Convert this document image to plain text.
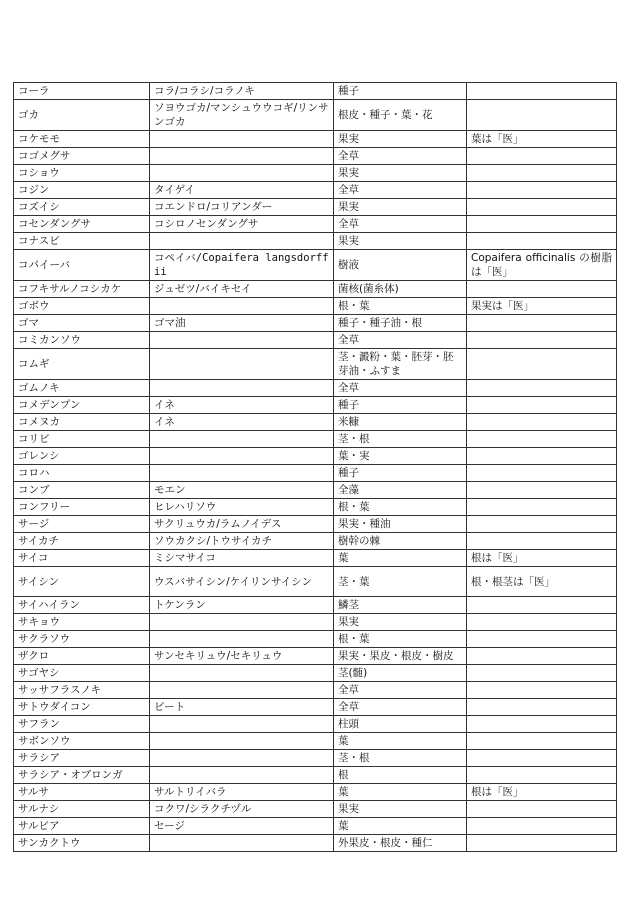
コーラ	コラ/コラシ/コラノキ	種子	
ゴカ	ソヨウゴカ/マンシュウウコギ/リンサンゴカ	根皮・種子・葉・花	
コケモモ		果実	葉は「医」
コゴメグサ		全草	
コショウ		果実	
コジン	タイゲイ	全草	
コズイシ	コエンドロ/コリアンダー	果実	
コセンダングサ	コシロノセンダングサ	全草	
コナスビ		果実	
コパイーバ	コペイバ/Copaifera langsdorffii	樹液	Copaifera officinalis の樹脂は「医」
コフキサルノコシカケ	ジュゼツ/バイキセイ	菌核(菌糸体)	
ゴボウ		根・葉	果実は「医」
ゴマ	ゴマ油	種子・種子油・根	
コミカンソウ		全草	
コムギ		茎・澱粉・葉・胚芽・胚芽油・ふすま	
ゴムノキ		全草	
コメデンプン	イネ	種子	
コメヌカ	イネ	米糠	
コリビ		茎・根	
ゴレンシ		葉・実	
コロハ		種子	
コンブ	モエン	全藻	
コンフリー	ヒレハリソウ	根・葉	
サージ	サクリュウカ/ラムノイデス	果実・種油	
サイカチ	ソウカクシ/トウサイカチ	樹幹の棘	
サイコ	ミシマサイコ	葉	根は「医」
サイシン	ウスバサイシン/ケイリンサイシン	茎・葉	根・根茎は「医」
サイハイラン	トケンラン	鱗茎	
サキョウ		果実	
サクラソウ		根・葉	
ザクロ	サンセキリュウ/セキリュウ	果実・果皮・根皮・樹皮	
サゴヤシ		茎(髄)	
サッサフラスノキ		全草	
サトウダイコン	ビート	全草	
サフラン		柱頭	
サボンソウ		葉	
サラシア		茎・根	
サラシア・オブロンガ		根	
サルサ	サルトリイバラ	葉	根は「医」
サルナシ	コクワ/シラクチヅル	果実	
サルビア	セージ	葉	
サンカクトウ		外果皮・根皮・種仁	
